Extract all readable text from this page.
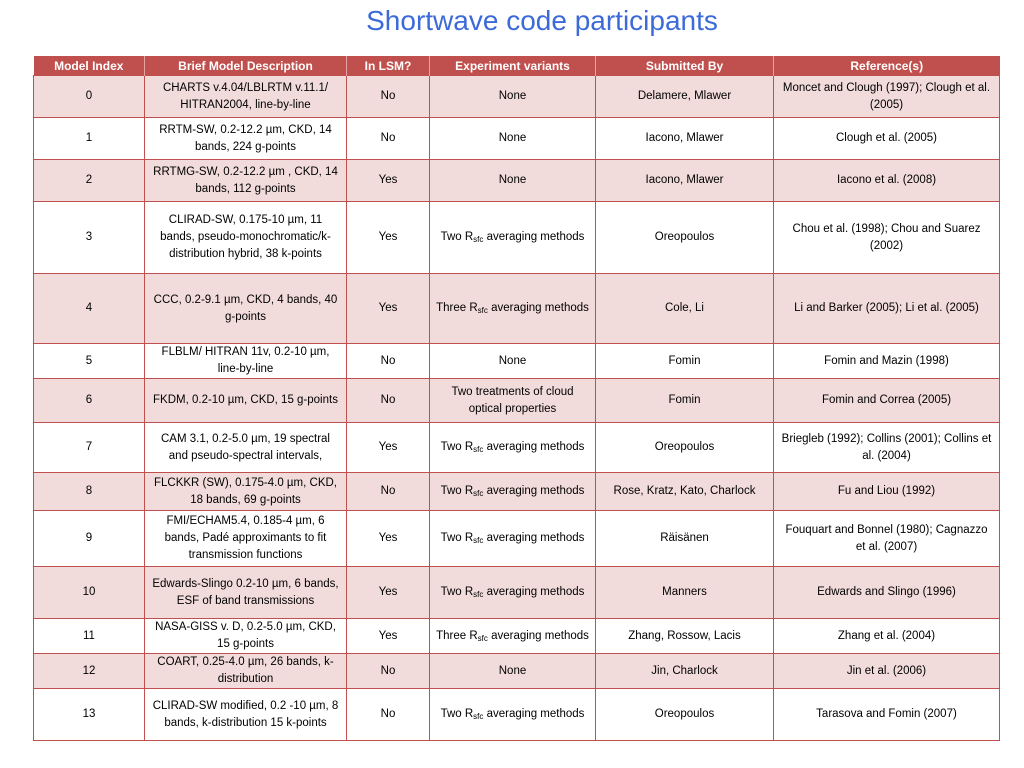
Shortwave code participants
Model Index	Brief Model Description	In LSM?	Experiment variants	Submitted By	Reference(s)
0	CHARTS v.4.04/LBLRTM v.11.1/ HITRAN2004, line-by-line	No	None	Delamere, Mlawer	Moncet and Clough (1997); Clough et al. (2005)
1	RRTM-SW, 0.2-12.2 µm, CKD, 14 bands, 224 g-points	No	None	Iacono, Mlawer	Clough et al. (2005)
2	RRTMG-SW, 0.2-12.2 µm , CKD, 14 bands, 112 g-points	Yes	None	Iacono, Mlawer	Iacono et al. (2008)
3	CLIRAD-SW, 0.175-10 µm, 11 bands, pseudo-monochromatic/k-distribution hybrid, 38 k-points	Yes	Two $R_{sfc}$ averaging methods	Oreopoulos	Chou et al. (1998); Chou and Suarez (2002)
4	CCC, 0.2-9.1 µm, CKD, 4 bands, 40 g-points	Yes	Three $R_{sfc}$ averaging methods	Cole, Li	Li and Barker (2005); Li et al. (2005)
5	FLBLM/ HITRAN 11v, 0.2-10 µm, line-by-line	No	None	Fomin	Fomin and Mazin (1998)
6	FKDM, 0.2-10 µm, CKD, 15 g-points	No	Two treatments of cloud optical properties	Fomin	Fomin and Correa (2005)
7	CAM 3.1, 0.2-5.0 µm, 19 spectral and pseudo-spectral intervals,	Yes	Two $R_{sfc}$ averaging methods	Oreopoulos	Briegleb (1992); Collins (2001); Collins et al. (2004)
8	FLCKKR (SW), 0.175-4.0 µm, CKD, 18 bands, 69 g-points	No	Two $R_{sfc}$ averaging methods	Rose, Kratz, Kato, Charlock	Fu and Liou (1992)
9	FMI/ECHAM5.4, 0.185-4 µm, 6 bands, Padé approximants to fit transmission functions	Yes	Two $R_{sfc}$ averaging methods	Räisänen	Fouquart and Bonnel (1980); Cagnazzo et al. (2007)
10	Edwards-Slingo 0.2-10 µm, 6 bands, ESF of band transmissions	Yes	Two $R_{sfc}$ averaging methods	Manners	Edwards and Slingo (1996)
11	NASA-GISS v. D, 0.2-5.0 µm, CKD, 15 g-points	Yes	Three $R_{sfc}$ averaging methods	Zhang, Rossow, Lacis	Zhang et al. (2004)
12	COART, 0.25-4.0 µm, 26 bands, k-distribution	No	None	Jin, Charlock	Jin et al. (2006)
13	CLIRAD-SW modified, 0.2 -10 µm, 8 bands, k-distribution 15 k-points	No	Two $R_{sfc}$ averaging methods	Oreopoulos	Tarasova and Fomin (2007)
